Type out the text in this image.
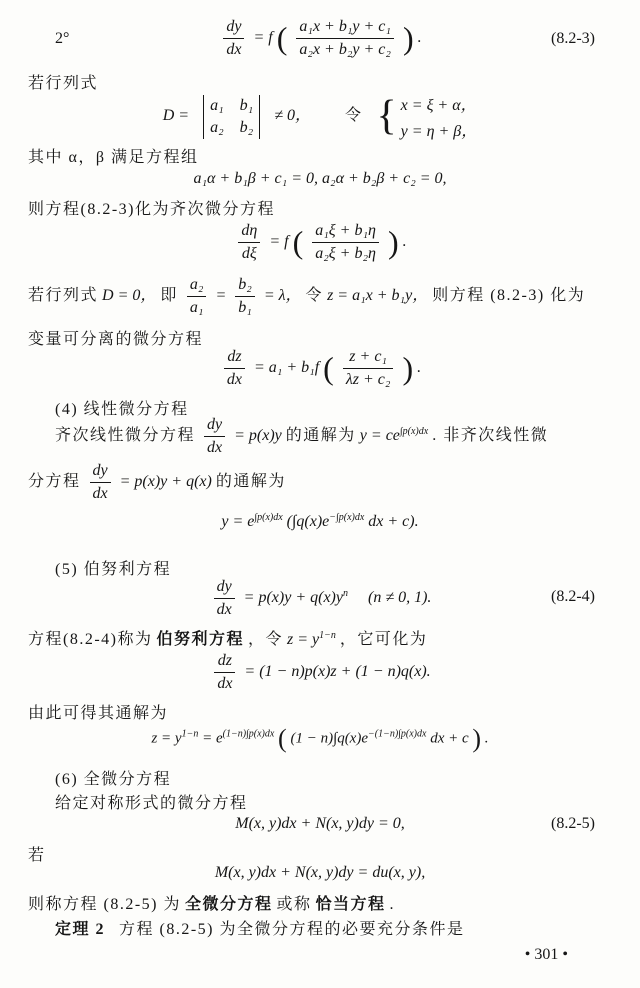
2°	$\frac{dy}{dx} = f$ ( $\frac{\text{a₁x + b₁y + c₁}}{\text{a₂x + b₂y + c₂}}$ ) .	(8.2-3)
若行列式
D =
a₁ b₁
a₂ b₂
≠ 0， 令 { x = ξ + α，
y = η + β，
其中 α，β 满足方程组
a₁α + b₁β + c₁ = 0, a₂α + b₂β + c₂ = 0,
则方程(8.2-3)化为齐次微分方程
$\frac{d\eta}{d\xi} = f$ ( $\frac{\text{a₁ξ + b₁η}}{\text{a₂ξ + b₂η}}$ ) .
若行列式 D = 0， 即 $\frac{\text{a₂}}{\text{a₁}} = \frac{\text{b₂}}{\text{b₁}} = \lambda$， 令 z = a₁x + b₁y， 则方程 (8.2-3) 化为
变量可分离的微分方程
$\frac{dz}{dx} = a_1 + b_1f$ ( $\frac{\text{z + c₁}}{\text{λz + c₂}}$ ) .
(4) 线性微分方程
齐次线性微分方程 $\frac{dy}{dx} = p(x)y$ 的通解为 $y = ce^{\int p(x)dx}$ . 非齐次线性微
分方程 $\frac{dy}{dx} = p(x)y + q(x)$ 的通解为
$y = e^{\int p(x)dx}$ ($\int q(x)e^{-\int p(x)dx}$ dx + c).
(5) 伯努利方程
$\frac{dy}{dx} = p(x)y + q(x)y^n$ (n ≠ 0, 1).	(8.2-4)
方程(8.2-4)称为 伯努利方程 ，令 $z = y^{1-n}$ ，它可化为
$\frac{dz}{dx} = (1 - n)p(x)z + (1 - n)q(x)$.
由此可得其通解为
$z = y^{1-n} = e^{(1-n)\int p(x)dx}$ ( $(1 - n)\int q(x)e^{-(1-n)\int p(x)dx}$ dx + c ) .
(6) 全微分方程
给定对称形式的微分方程
M(x, y)dx + N(x, y)dy = 0,	(8.2-5)
若
M(x, y)dx + N(x, y)dy = du(x, y),
则称方程 (8.2-5) 为 全微分方程 或称 恰当方程 .
定理 2 方程 (8.2-5) 为全微分方程的必要充分条件是
• 301 •
